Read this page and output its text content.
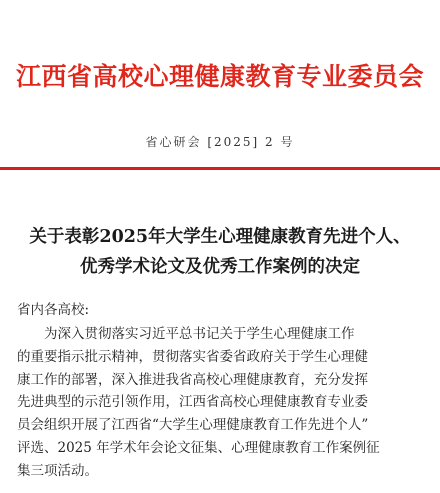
江西省高校心理健康教育专业委员会
省心研会 [2025] 2 号
关于表彰2025年大学生心理健康教育先进个人、
优秀学术论文及优秀工作案例的决定
省内各高校:
为深入贯彻落实习近平总书记关于学生心理健康工作
的重要指示批示精神，贯彻落实省委省政府关于学生心理健
康工作的部署，深入推进我省高校心理健康教育，充分发挥
先进典型的示范引领作用，江西省高校心理健康教育专业委
员会组织开展了江西省“大学生心理健康教育工作先进个人”
评选、2025 年学术年会论文征集、心理健康教育工作案例征
集三项活动。
